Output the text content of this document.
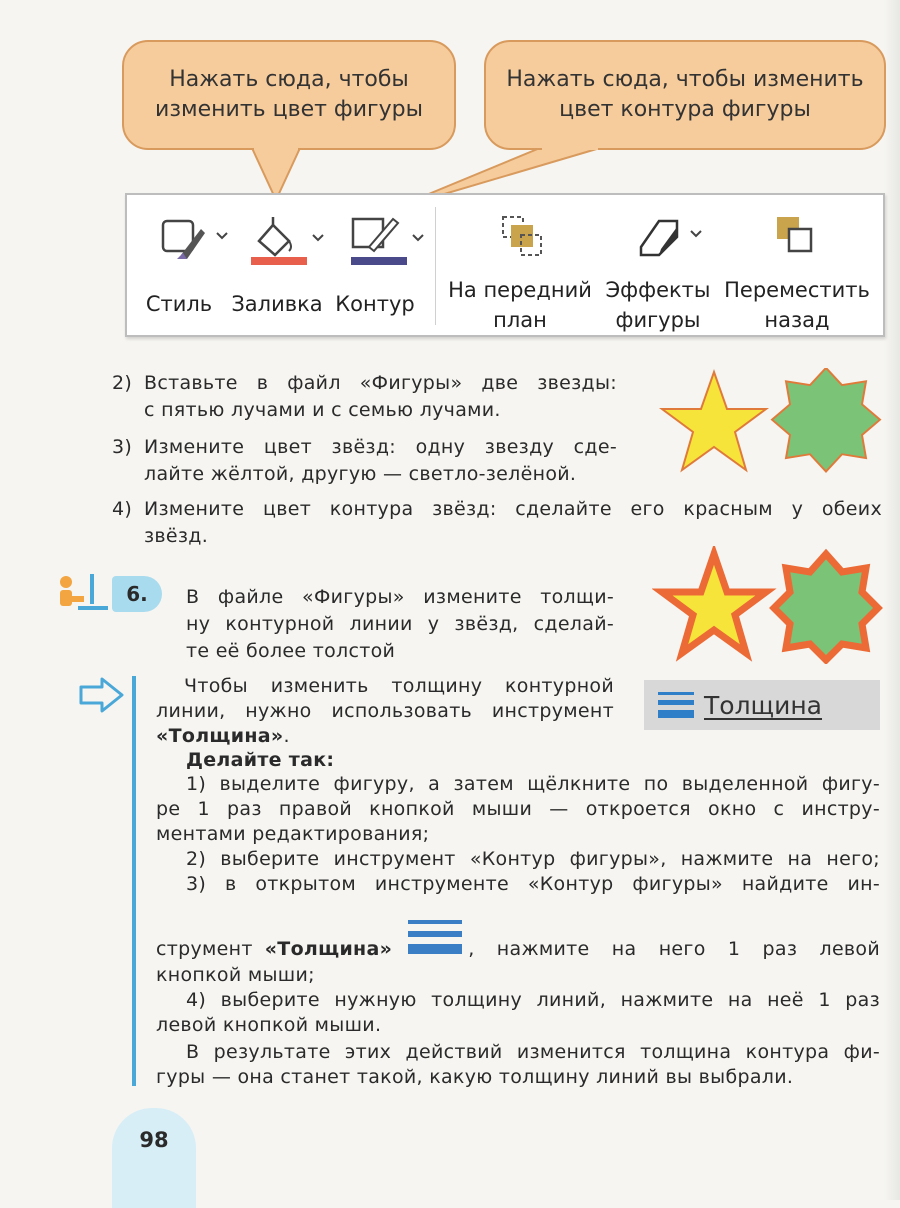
Нажать сюда, чтобы
изменить цвет фигуры
Нажать сюда, чтобы изменить
цвет контура фигуры
Стиль Заливка Контур
На передний
план
Эффекты
фигуры
Переместить
назад
2) Вставьте в файл «Фигуры» две звезды:
с пятью лучами и с семью лучами.
3) Измените цвет звёзд: одну звезду сде-
лайте жёлтой, другую — светло-зелёной.
4) Измените цвет контура звёзд: сделайте его красным у обеих
звёзд.
6.	В файле «Фигуры» измените толщи-
ну контурной линии у звёзд, сделай-
те её более толстой
Чтобы изменить толщину контурной
линии, нужно использовать инструмент
«Толщина».
Толщина
Делайте так:
1) выделите фигуру, а затем щёлкните по выделенной фигу-
ре 1 раз правой кнопкой мыши — откроется окно с инстру-
ментами редактирования;
2) выберите инструмент «Контур фигуры», нажмите на него;
3) в открытом инструменте «Контур фигуры» найдите ин-
струмент «Толщина»	, нажмите на него 1 раз левой
кнопкой мыши;
4) выберите нужную толщину линий, нажмите на неё 1 раз
левой кнопкой мыши.
В результате этих действий изменится толщина контура фи-
гуры — она станет такой, какую толщину линий вы выбрали.
98
